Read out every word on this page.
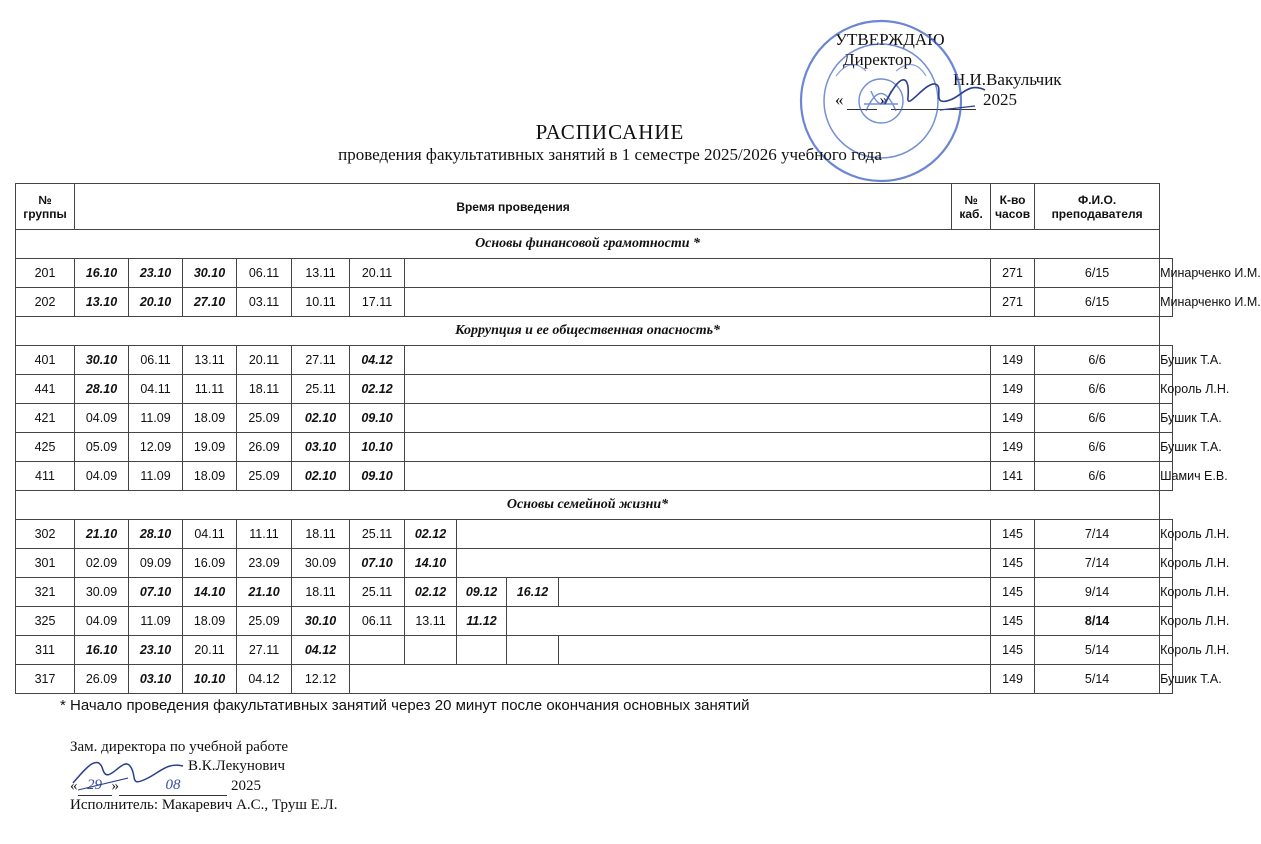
УТВЕРЖДАЮ
Директор
Н.И.Вакульчик
« »	2025
РАСПИСАНИЕ
проведения факультативных занятий в 1 семестре 2025/2026 учебного года
№ группы	Время проведения										№ каб.	К-во часов	Ф.И.О. преподавателя	
Основы финансовой грамотности *														
201	16.10	23.10	30.10	06.11	13.11	20.11						271	6/15	Минарченко И.М.
202	13.10	20.10	27.10	03.11	10.11	17.11						271	6/15	Минарченко И.М.
Коррупция и ее общественная опасность*														
401	30.10	06.11	13.11	20.11	27.11	04.12						149	6/6	Бушик Т.А.
441	28.10	04.11	11.11	18.11	25.11	02.12						149	6/6	Король Л.Н.
421	04.09	11.09	18.09	25.09	02.10	09.10						149	6/6	Бушик Т.А.
425	05.09	12.09	19.09	26.09	03.10	10.10						149	6/6	Бушик Т.А.
411	04.09	11.09	18.09	25.09	02.10	09.10						141	6/6	Шамич Е.В.
Основы семейной жизни*														
302	21.10	28.10	04.11	11.11	18.11	25.11	02.12					145	7/14	Король Л.Н.
301	02.09	09.09	16.09	23.09	30.09	07.10	14.10					145	7/14	Король Л.Н.
321	30.09	07.10	14.10	21.10	18.11	25.11	02.12	09.12	16.12			145	9/14	Король Л.Н.
325	04.09	11.09	18.09	25.09	30.10	06.11	13.11	11.12				145	8/14	Король Л.Н.
311	16.10	23.10	20.11	27.11	04.12							145	5/14	Король Л.Н.
317	26.09	03.10	10.10	04.12	12.12							149	5/14	Бушик Т.А.
* Начало проведения факультативных занятий через 20 минут после окончания основных занятий
Зам. директора по учебной работе
В.К.Лекунович
« 29 »	08	2025
Исполнитель: Макаревич А.С., Труш Е.Л.
